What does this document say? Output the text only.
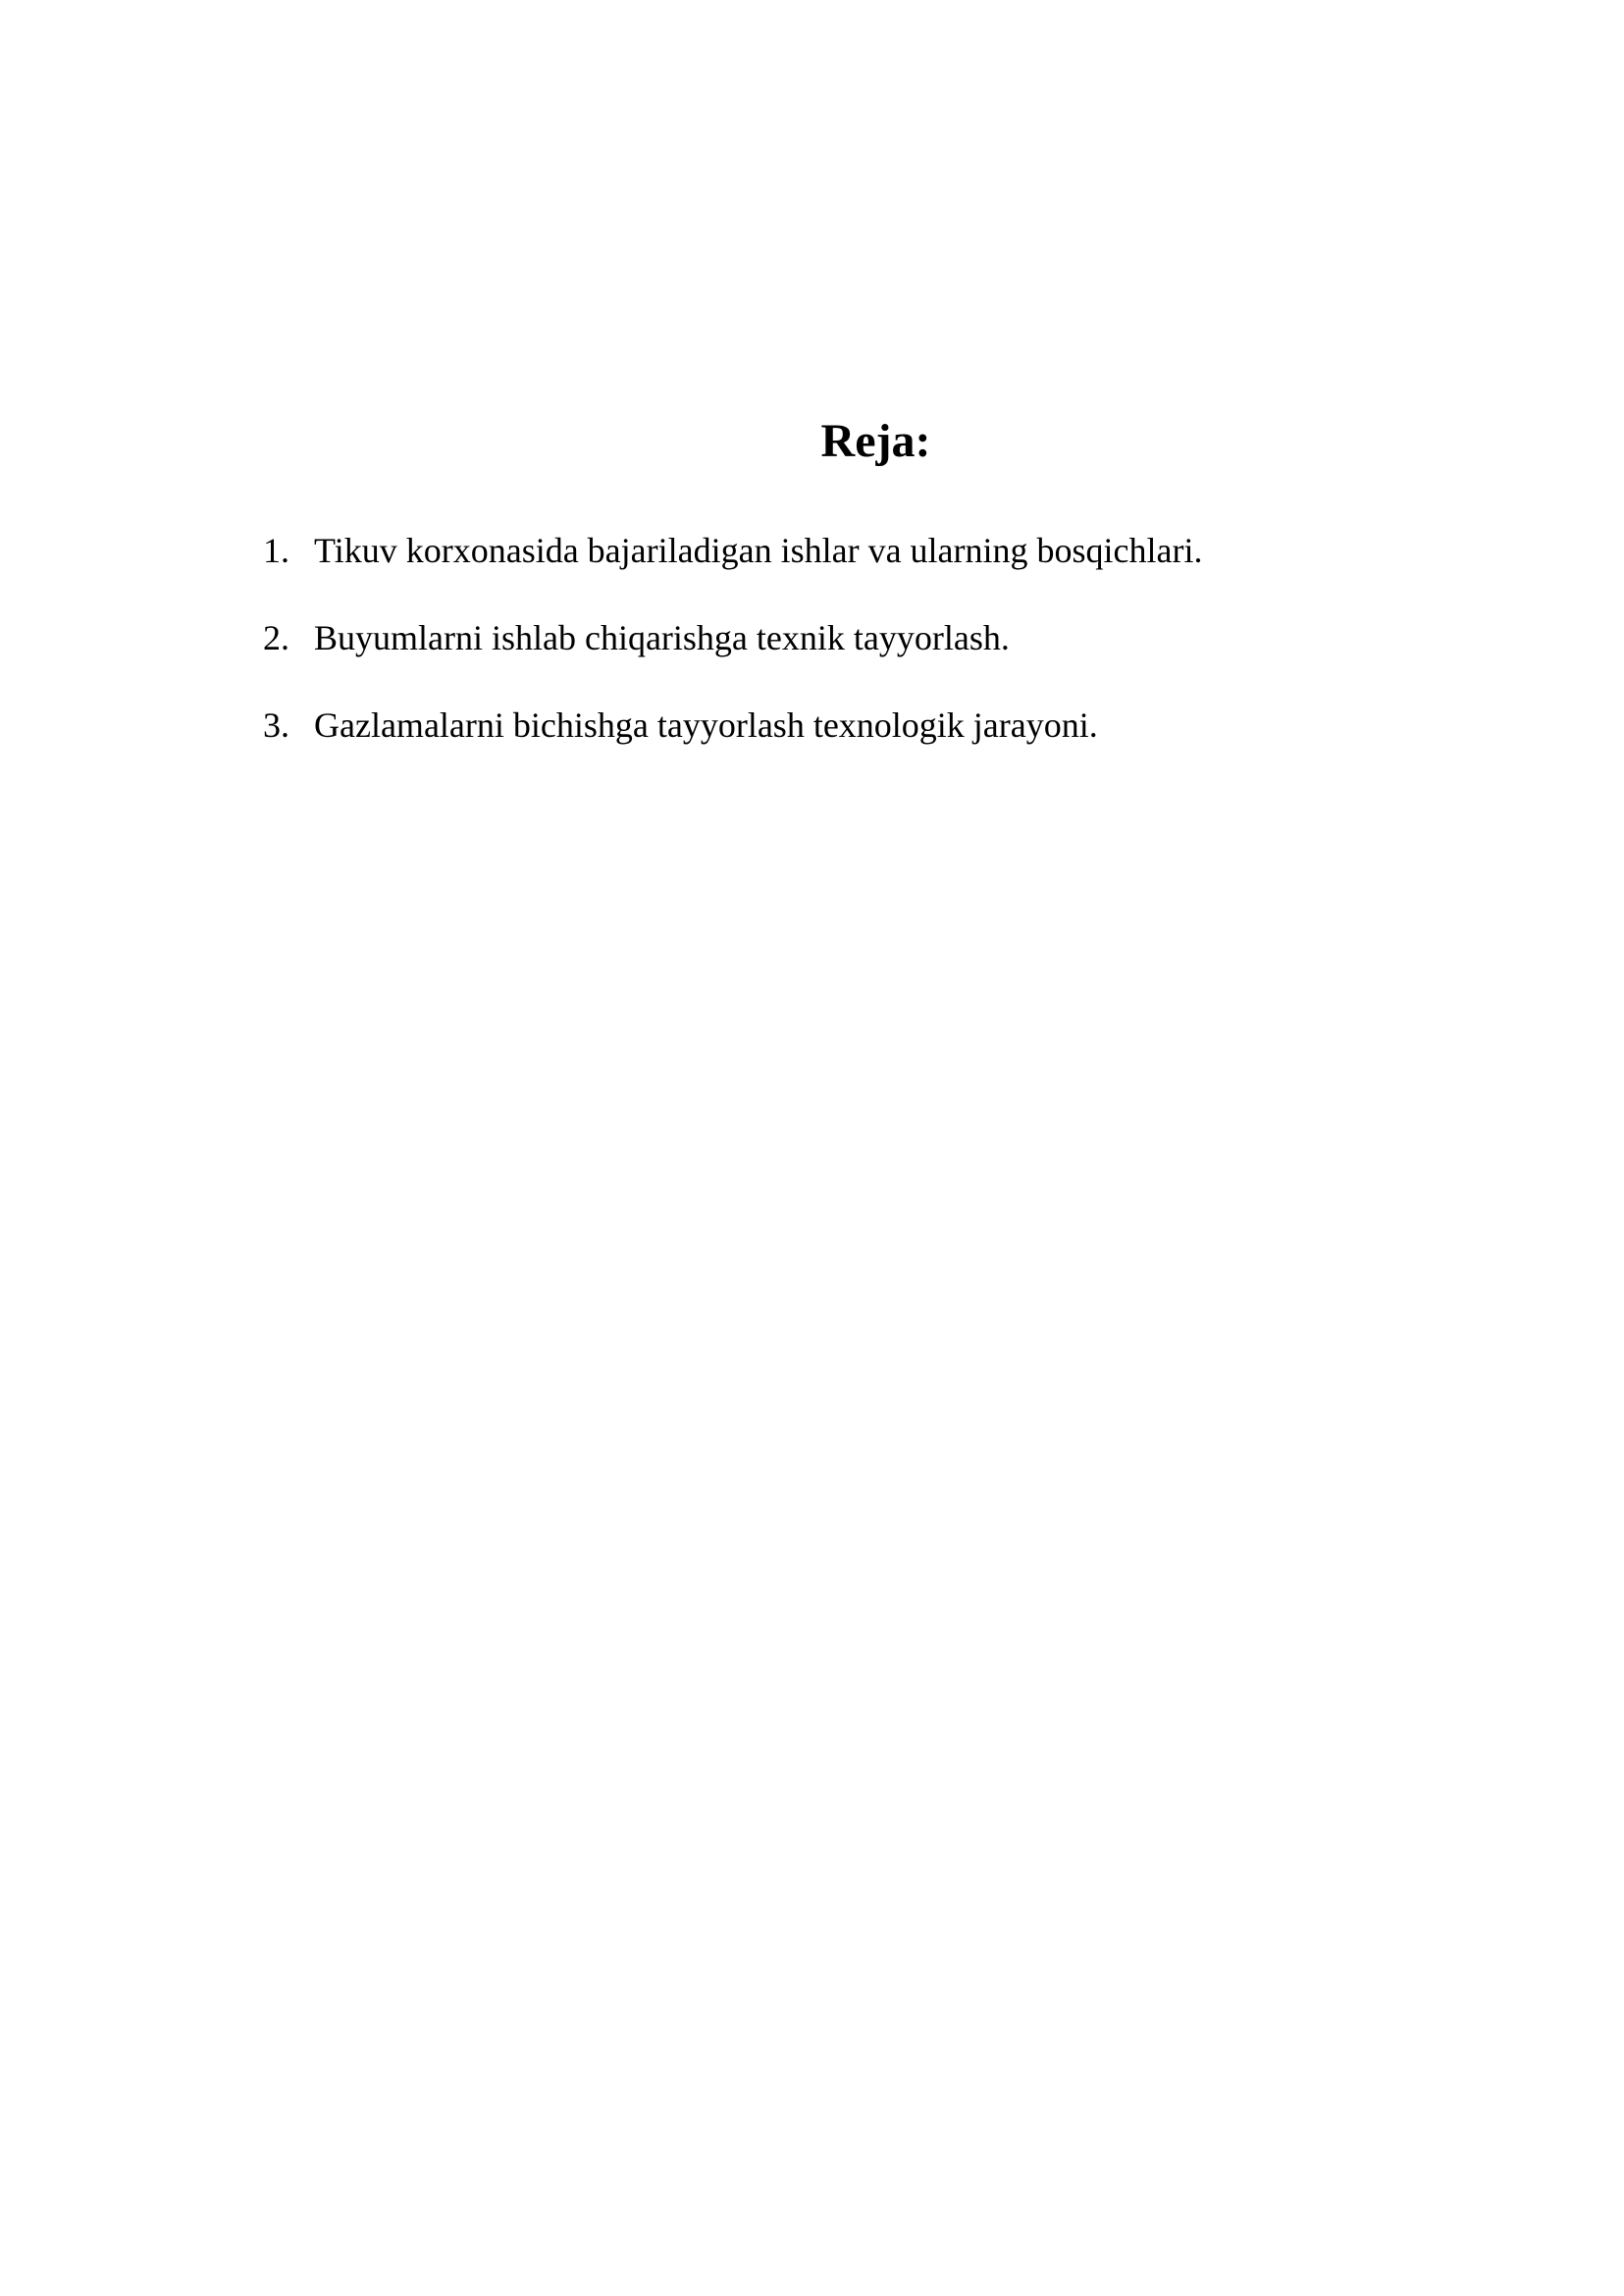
Reja:
1. Tikuv korxonasida bajariladigan ishlar va ularning bosqichlari.
2. Buyumlarni ishlab chiqarishga texnik tayyorlash.
3. Gazlamalarni bichishga tayyorlash texnologik jarayoni.
